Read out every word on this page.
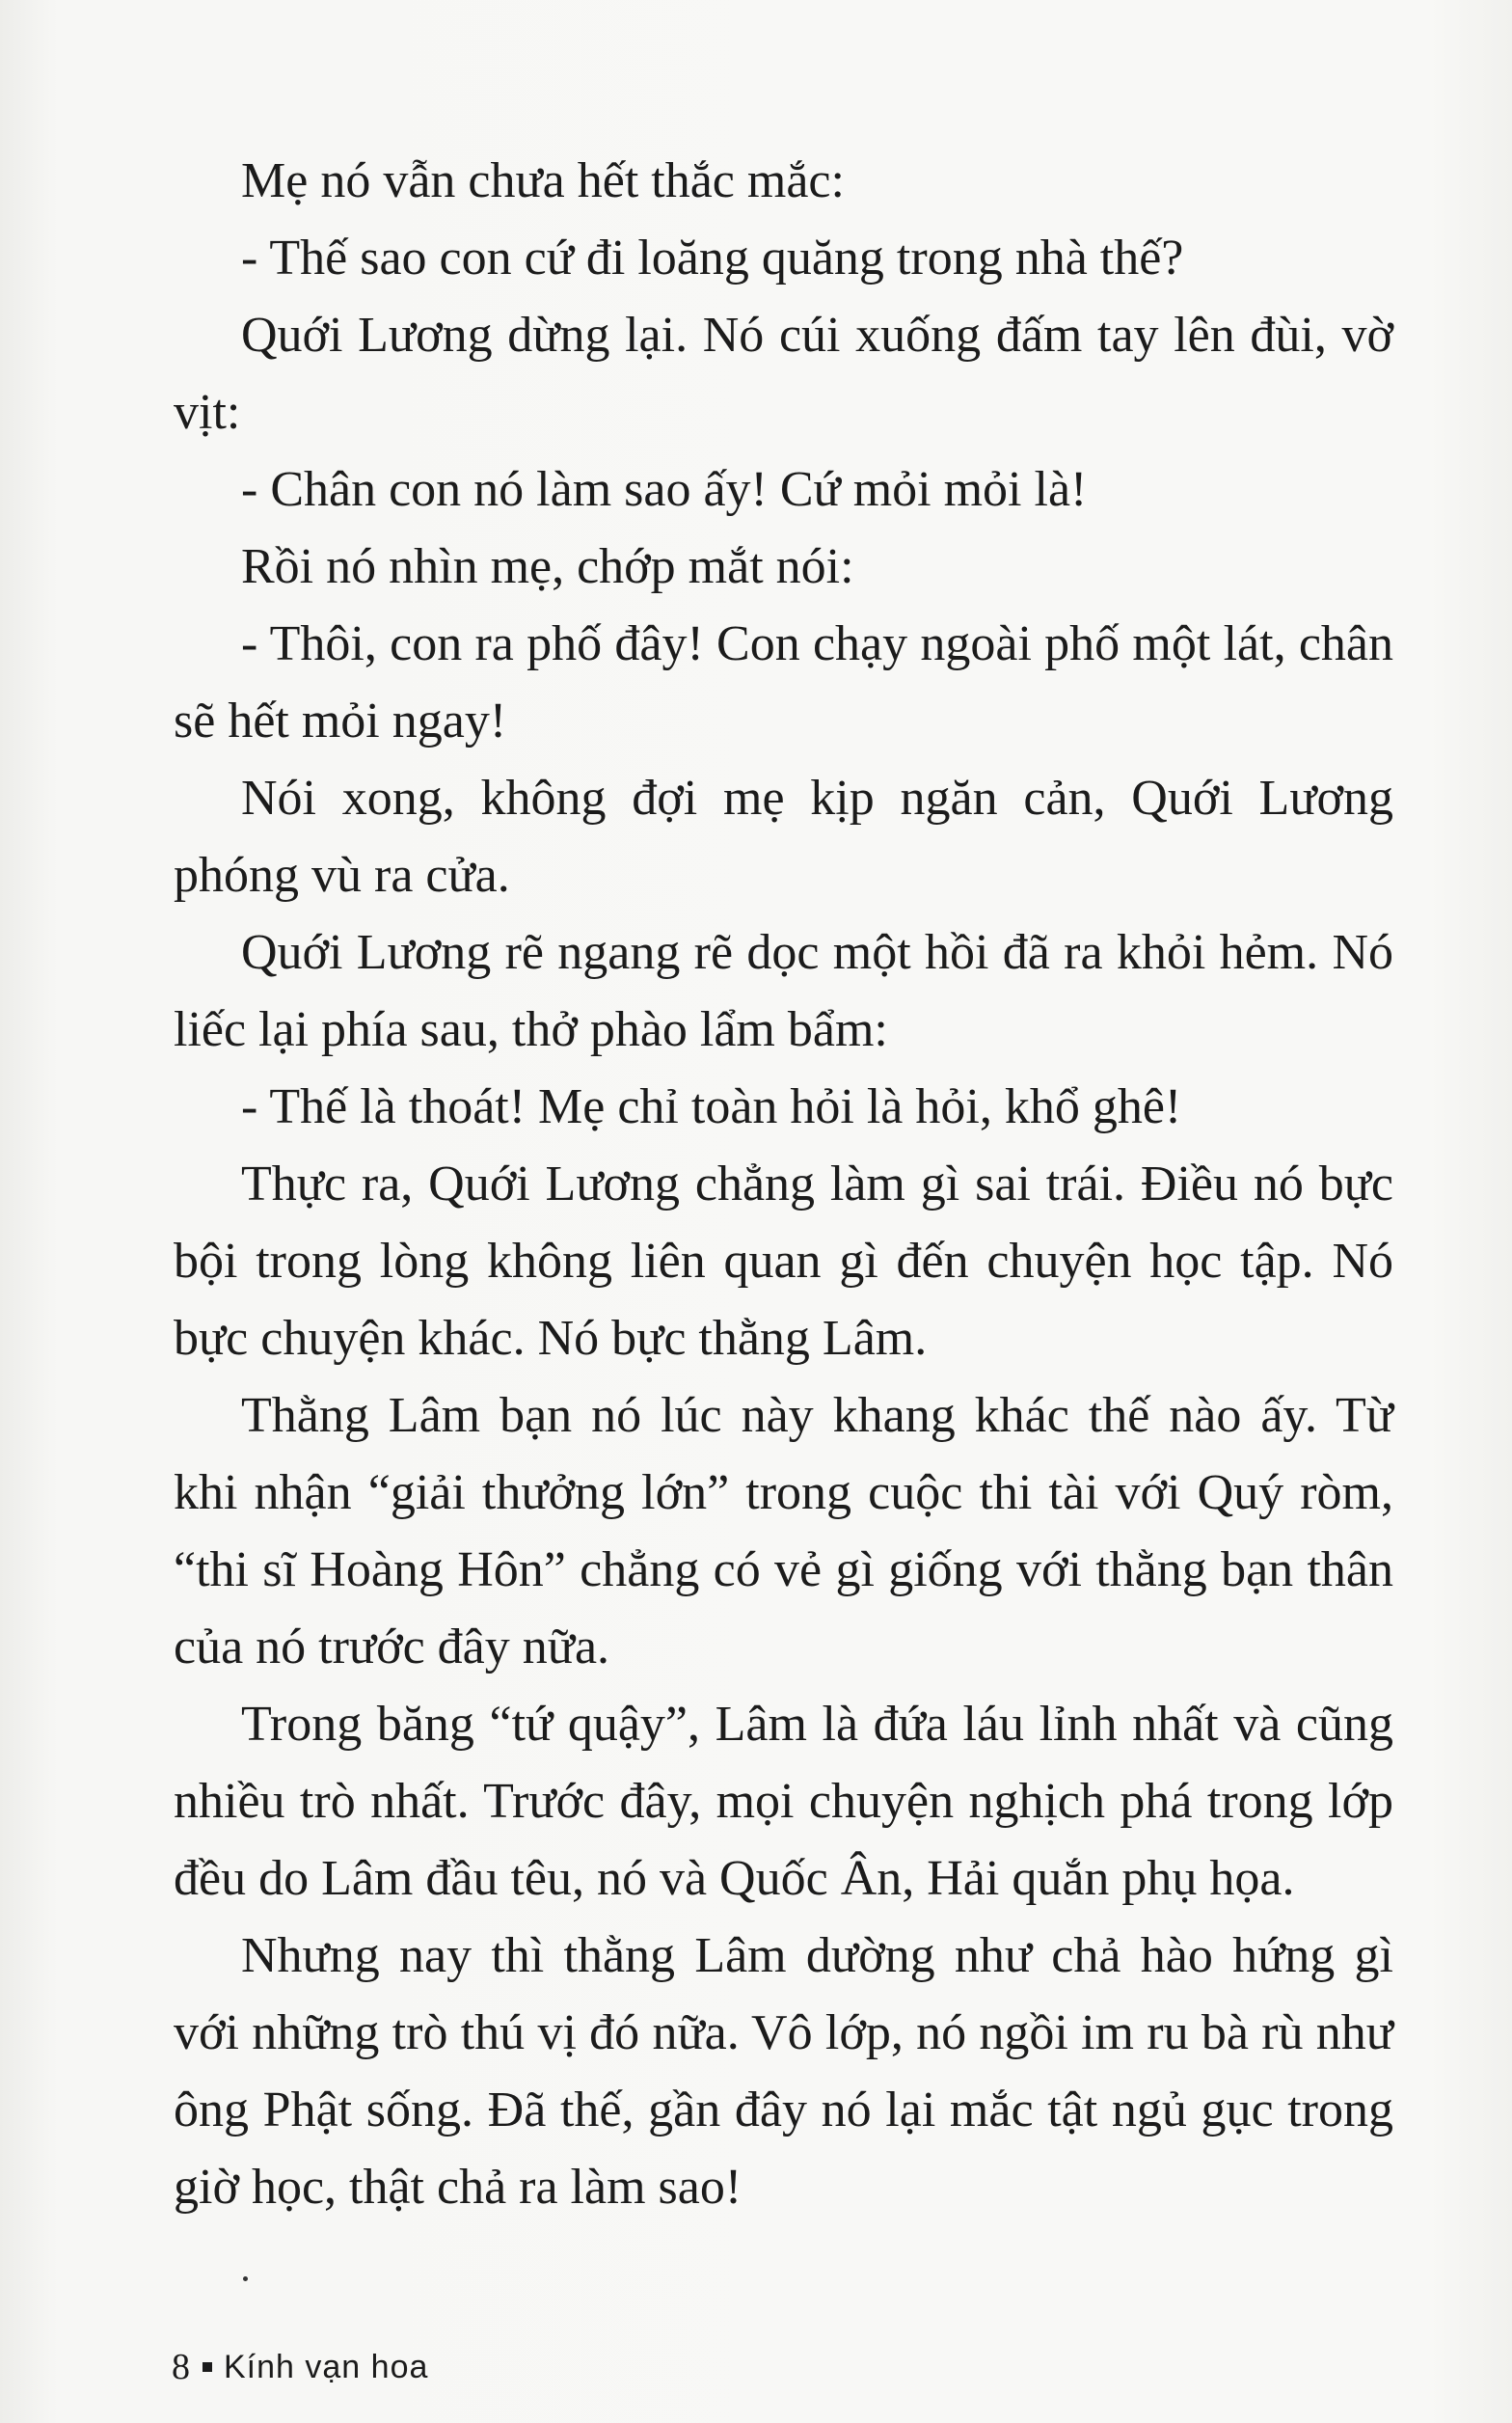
Mẹ nó vẫn chưa hết thắc mắc:

- Thế sao con cứ đi loăng quăng trong nhà thế?

Quới Lương dừng lại. Nó cúi xuống đấm tay lên đùi, vờ vịt:

- Chân con nó làm sao ấy! Cứ mỏi mỏi là!

Rồi nó nhìn mẹ, chớp mắt nói:

- Thôi, con ra phố đây! Con chạy ngoài phố một lát, chân sẽ hết mỏi ngay!

Nói xong, không đợi mẹ kịp ngăn cản, Quới Lương phóng vù ra cửa.

Quới Lương rẽ ngang rẽ dọc một hồi đã ra khỏi hẻm. Nó liếc lại phía sau, thở phào lẩm bẩm:

- Thế là thoát! Mẹ chỉ toàn hỏi là hỏi, khổ ghê!

Thực ra, Quới Lương chẳng làm gì sai trái. Điều nó bực bội trong lòng không liên quan gì đến chuyện học tập. Nó bực chuyện khác. Nó bực thằng Lâm.

Thằng Lâm bạn nó lúc này khang khác thế nào ấy. Từ khi nhận “giải thưởng lớn” trong cuộc thi tài với Quý ròm, “thi sĩ Hoàng Hôn” chẳng có vẻ gì giống với thằng bạn thân của nó trước đây nữa.

Trong băng “tứ quậy”, Lâm là đứa láu lỉnh nhất và cũng nhiều trò nhất. Trước đây, mọi chuyện nghịch phá trong lớp đều do Lâm đầu têu, nó và Quốc Ân, Hải quắn phụ họa.

Nhưng nay thì thằng Lâm dường như chả hào hứng gì với những trò thú vị đó nữa. Vô lớp, nó ngồi im ru bà rù như ông Phật sống. Đã thế, gần đây nó lại mắc tật ngủ gục trong giờ học, thật chả ra làm sao!

8 Kính vạn hoa
